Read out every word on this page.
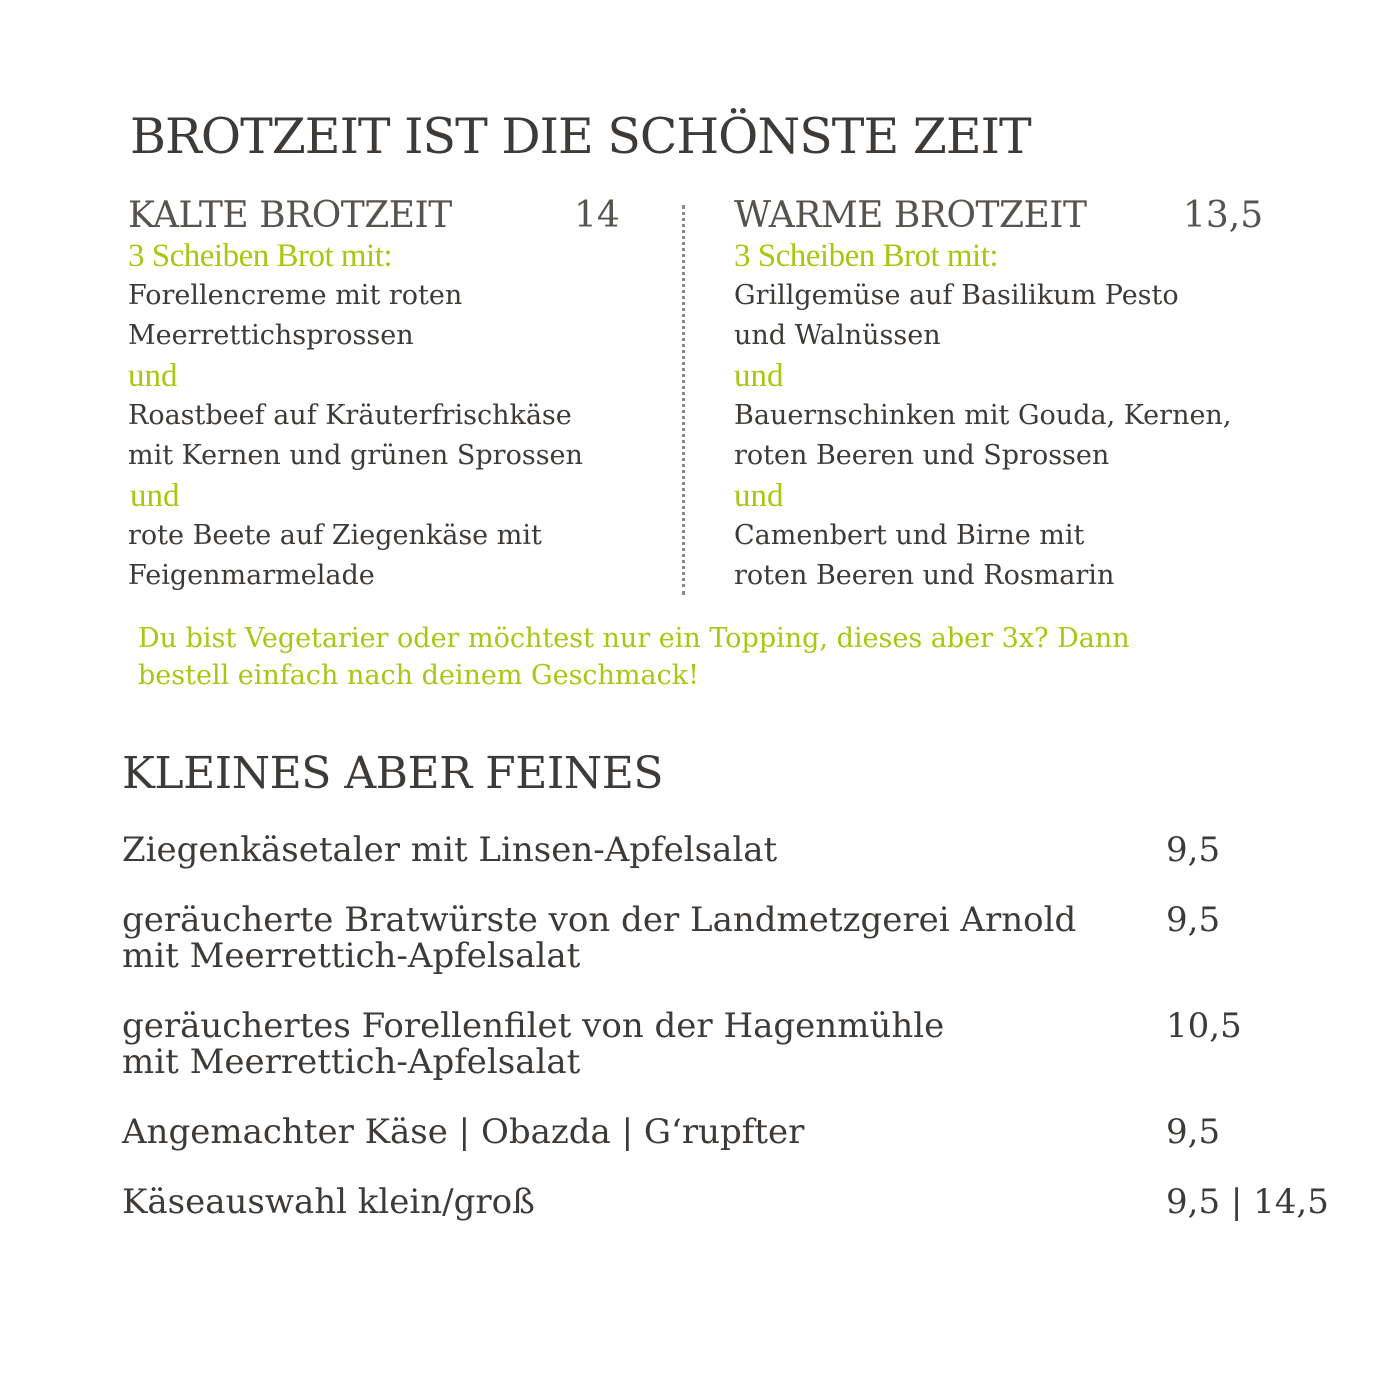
BROTZEIT IST DIE SCHÖNSTE ZEIT
KALTE BROTZEIT	14
3 Scheiben Brot mit:
Forellencreme mit roten
Meerrettichsprossen
und
Roastbeef auf Kräuterfrischkäse
mit Kernen und grünen Sprossen
und
rote Beete auf Ziegenkäse mit
Feigenmarmelade
WARME BROTZEIT	13,5
3 Scheiben Brot mit:
Grillgemüse auf Basilikum Pesto
und Walnüssen
und
Bauernschinken mit Gouda, Kernen,
roten Beeren und Sprossen
und
Camenbert und Birne mit
roten Beeren und Rosmarin
Du bist Vegetarier oder möchtest nur ein Topping, dieses aber 3x? Dann
bestell einfach nach deinem Geschmack!
KLEINES ABER FEINES
Ziegenkäsetaler mit Linsen-Apfelsalat	9,5
geräucherte Bratwürste von der Landmetzgerei Arnold
mit Meerrettich-Apfelsalat
9,5
geräuchertes Forellenfilet von der Hagenmühle
mit Meerrettich-Apfelsalat
10,5
Angemachter Käse | Obazda | G‘rupfter	9,5
Käseauswahl klein/groß	9,5 | 14,5
